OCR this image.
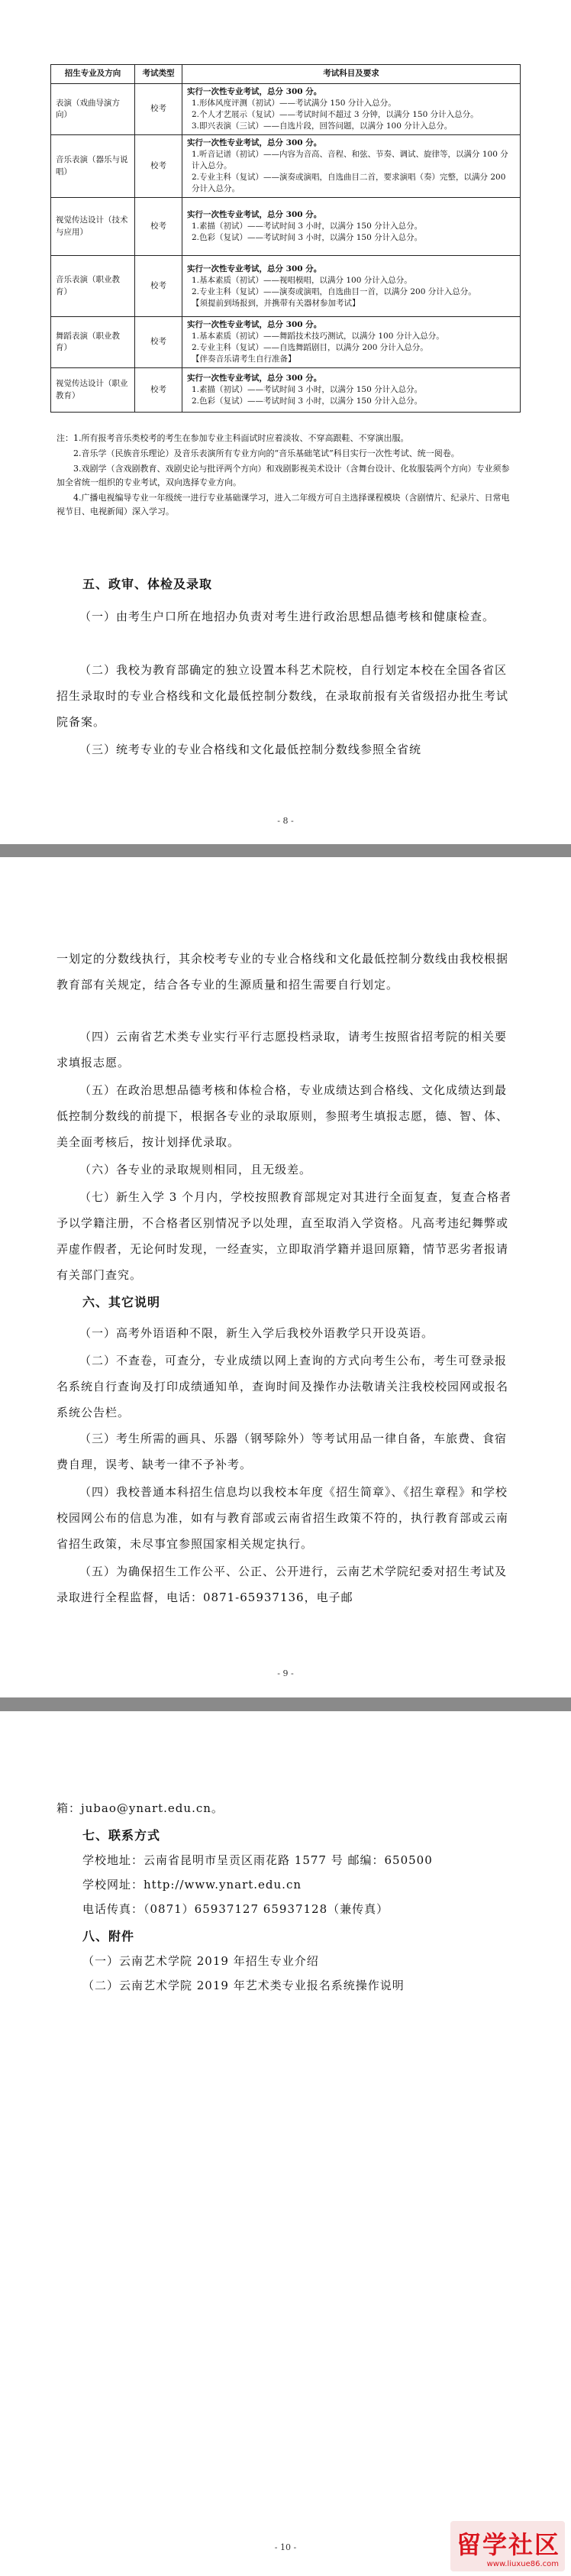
招生专业及方向	考试类型	考试科目及要求
表演（戏曲导演方向）	校考	实行一次性专业考试，总分 300 分。
1.形体风度评测（初试）——考试满分 150 分计入总分。
2.个人才艺展示（复试）——考试时间不超过 3 分钟，以满分 150 分计入总分。
3.即兴表演（三试）——自选片段，回答问题，以满分 100 分计入总分。

音乐表演（器乐与说唱）	校考	实行一次性专业考试，总分 300 分。
1.听音记谱（初试）——内容为音高、音程、和弦、节奏、调试、旋律等，以满分 100 分计入总分。
2.专业主科（复试）——演奏或演唱，自选曲目二首，要求演唱（奏）完整，以满分 200 分计入总分。

视觉传达设计（技术与应用）	校考	实行一次性专业考试，总分 300 分。
1.素描（初试）——考试时间 3 小时，以满分 150 分计入总分。
2.色彩（复试）——考试时间 3 小时，以满分 150 分计入总分。

音乐表演（职业教育）	校考	实行一次性专业考试，总分 300 分。
1.基本素质（初试）——视唱模唱，以满分 100 分计入总分。
2.专业主科（复试）——演奏或演唱，自选曲目一首，以满分 200 分计入总分。
【须提前到场报到，并携带有关器材参加考试】

舞蹈表演（职业教育）	校考	实行一次性专业考试，总分 300 分。
1.基本素质（初试）——舞蹈技术技巧测试，以满分 100 分计入总分。
2.专业主科（复试）——自选舞蹈剧目，以满分 200 分计入总分。
【伴奏音乐请考生自行准备】

视觉传达设计（职业教育）	校考	实行一次性专业考试，总分 300 分。
1.素描（初试）——考试时间 3 小时，以满分 150 分计入总分。
2.色彩（复试）——考试时间 3 小时，以满分 150 分计入总分。

注：1.所有报考音乐类校考的考生在参加专业主科面试时应着淡妆、不穿高跟鞋、不穿演出服。

2.音乐学（民族音乐理论）及音乐表演所有专业方向的“音乐基础笔试”科目实行一次性考试、统一阅卷。

3.戏剧学（含戏剧教育、戏剧史论与批评两个方向）和戏剧影视美术设计（含舞台设计、化妆服装两个方向）专业须参加全省统一组织的专业考试，双向选择专业方向。

4.广播电视编导专业一年级统一进行专业基础课学习，进入二年级方可自主选择课程模块（含剧情片、纪录片、日常电视节目、电视新闻）深入学习。

五、政审、体检及录取

（一）由考生户口所在地招办负责对考生进行政治思想品德考核和健康检查。

（二）我校为教育部确定的独立设置本科艺术院校，自行划定本校在全国各省区招生录取时的专业合格线和文化最低控制分数线，在录取前报有关省级招办批生考试院备案。

（三）统考专业的专业合格线和文化最低控制分数线参照全省统

- 8 -

一划定的分数线执行，其余校考专业的专业合格线和文化最低控制分数线由我校根据教育部有关规定，结合各专业的生源质量和招生需要自行划定。

（四）云南省艺术类专业实行平行志愿投档录取，请考生按照省招考院的相关要求填报志愿。

（五）在政治思想品德考核和体检合格，专业成绩达到合格线、文化成绩达到最低控制分数线的前提下，根据各专业的录取原则，参照考生填报志愿，德、智、体、美全面考核后，按计划择优录取。

（六）各专业的录取规则相同，且无级差。

（七）新生入学 3 个月内，学校按照教育部规定对其进行全面复查，复查合格者予以学籍注册，不合格者区别情况予以处理，直至取消入学资格。凡高考违纪舞弊或弄虚作假者，无论何时发现，一经查实，立即取消学籍并退回原籍，情节恶劣者报请有关部门查究。

六、其它说明

（一）高考外语语种不限，新生入学后我校外语教学只开设英语。

（二）不查卷，可查分，专业成绩以网上查询的方式向考生公布，考生可登录报名系统自行查询及打印成绩通知单，查询时间及操作办法敬请关注我校校园网或报名系统公告栏。

（三）考生所需的画具、乐器（钢琴除外）等考试用品一律自备，车旅费、食宿费自理，误考、缺考一律不予补考。

（四）我校普通本科招生信息均以我校本年度《招生简章》、《招生章程》和学校校园网公布的信息为准，如有与教育部或云南省招生政策不符的，执行教育部或云南省招生政策，未尽事宜参照国家相关规定执行。

（五）为确保招生工作公平、公正、公开进行，云南艺术学院纪委对招生考试及录取进行全程监督，电话：0871-65937136，电子邮

- 9 -

箱：jubao@ynart.edu.cn。

七、联系方式

学校地址：云南省昆明市呈贡区雨花路 1577 号 邮编：650500

学校网址：http://www.ynart.edu.cn

电话传真：（0871）65937127 65937128（兼传真）

八、附件

（一）云南艺术学院 2019 年招生专业介绍

（二）云南艺术学院 2019 年艺术类专业报名系统操作说明

- 10 -	留学社区
www.liuxue86.com
